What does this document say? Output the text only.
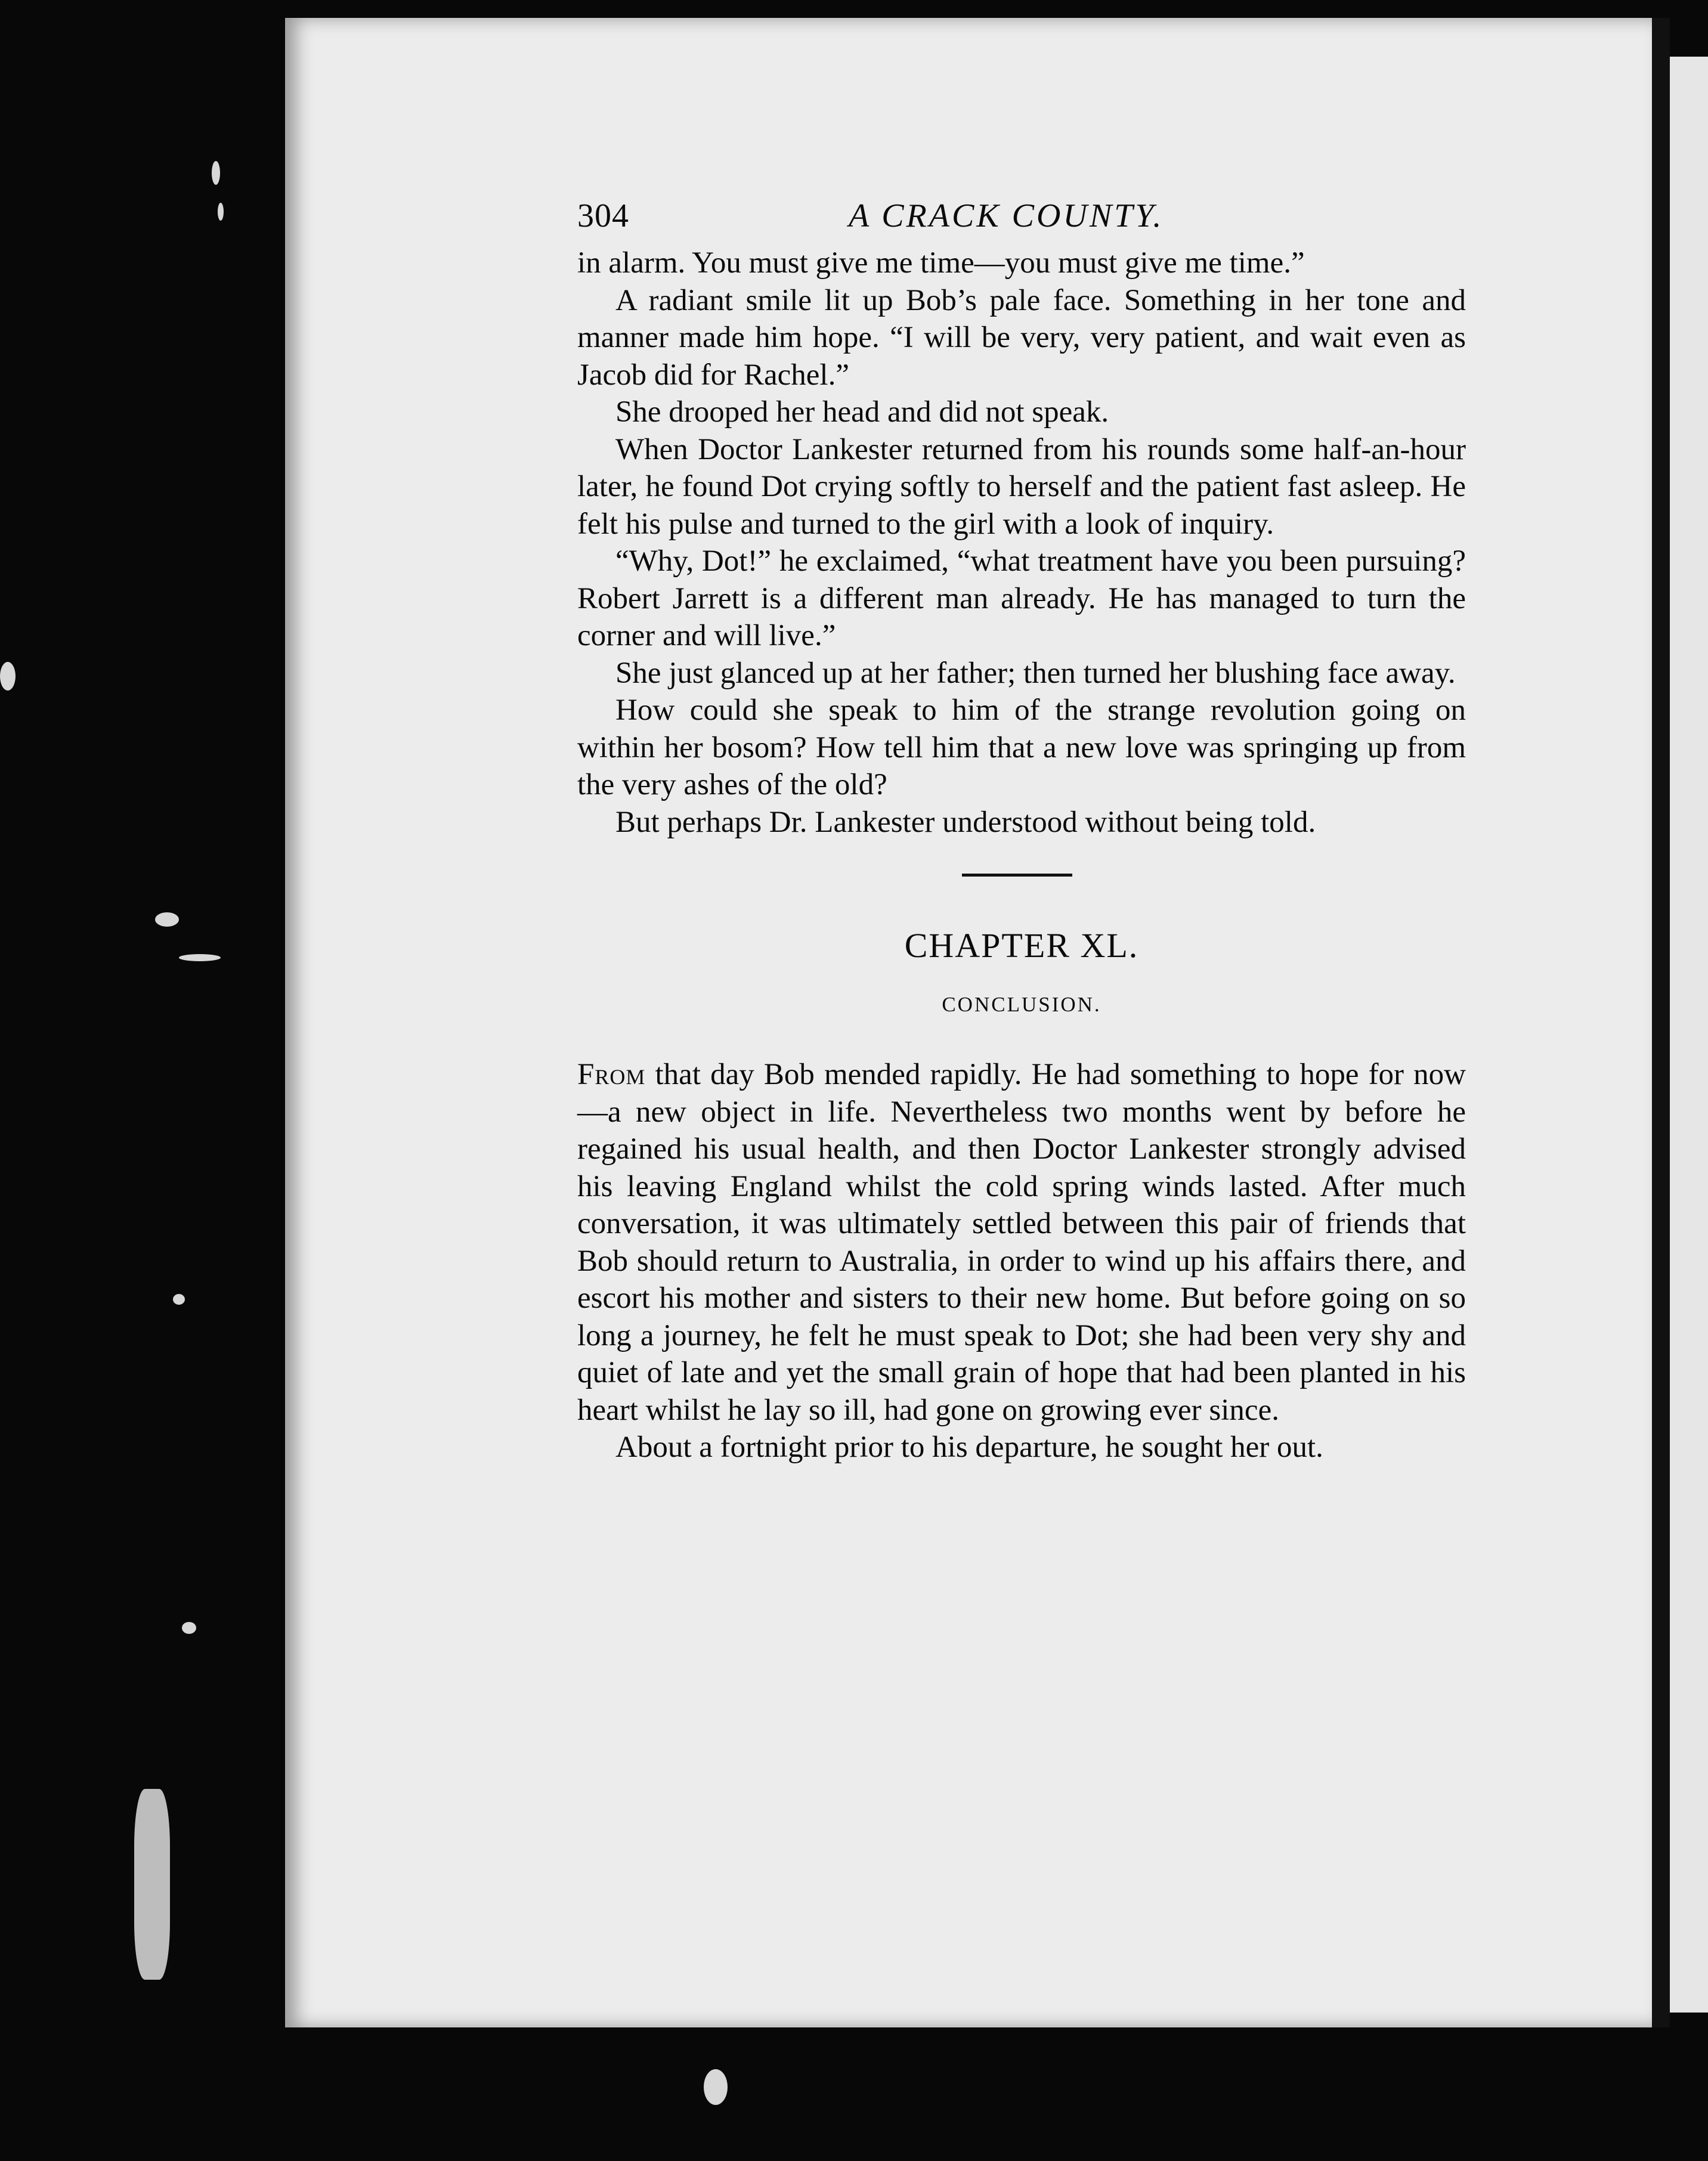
304	A CRACK COUNTY.

in alarm. You must give me time—you must give me time.”

A radiant smile lit up Bob’s pale face. Something in her tone and manner made him hope. “I will be very, very patient, and wait even as Jacob did for Rachel.”

She drooped her head and did not speak.

When Doctor Lankester returned from his rounds some half-an-hour later, he found Dot crying softly to herself and the patient fast asleep. He felt his pulse and turned to the girl with a look of inquiry.

“Why, Dot!” he exclaimed, “what treatment have you been pursuing? Robert Jarrett is a different man already. He has managed to turn the corner and will live.”

She just glanced up at her father; then turned her blushing face away.

How could she speak to him of the strange revolution going on within her bosom? How tell him that a new love was springing up from the very ashes of the old?

But perhaps Dr. Lankester understood without being told.

CHAPTER XL.
CONCLUSION.

From that day Bob mended rapidly. He had something to hope for now—a new object in life. Nevertheless two months went by before he regained his usual health, and then Doctor Lankester strongly advised his leaving England whilst the cold spring winds lasted. After much conversation, it was ultimately settled between this pair of friends that Bob should return to Australia, in order to wind up his affairs there, and escort his mother and sisters to their new home. But before going on so long a journey, he felt he must speak to Dot; she had been very shy and quiet of late and yet the small grain of hope that had been planted in his heart whilst he lay so ill, had gone on growing ever since.

About a fortnight prior to his departure, he sought her out.
